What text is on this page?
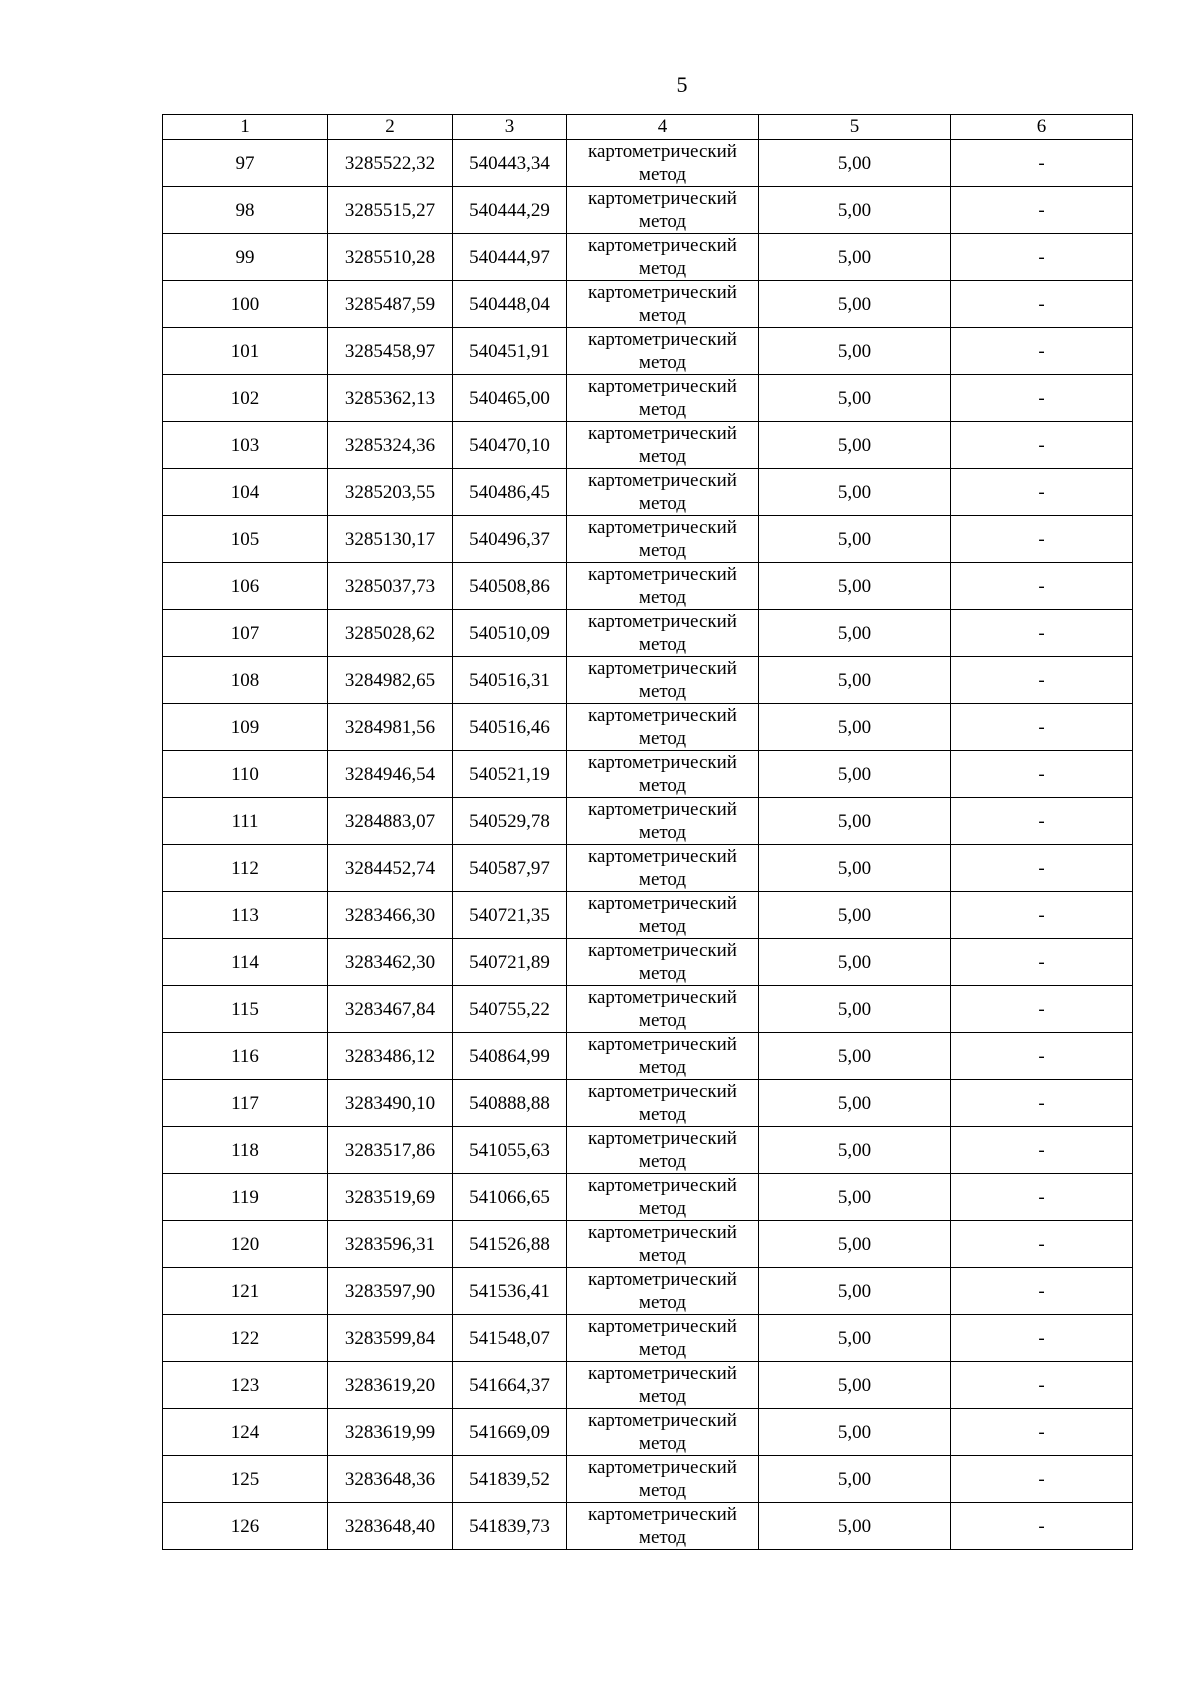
5
1	2	3	4	5	6
97	3285522,32	540443,34	картометрический метод	5,00	-
98	3285515,27	540444,29	картометрический метод	5,00	-
99	3285510,28	540444,97	картометрический метод	5,00	-
100	3285487,59	540448,04	картометрический метод	5,00	-
101	3285458,97	540451,91	картометрический метод	5,00	-
102	3285362,13	540465,00	картометрический метод	5,00	-
103	3285324,36	540470,10	картометрический метод	5,00	-
104	3285203,55	540486,45	картометрический метод	5,00	-
105	3285130,17	540496,37	картометрический метод	5,00	-
106	3285037,73	540508,86	картометрический метод	5,00	-
107	3285028,62	540510,09	картометрический метод	5,00	-
108	3284982,65	540516,31	картометрический метод	5,00	-
109	3284981,56	540516,46	картометрический метод	5,00	-
110	3284946,54	540521,19	картометрический метод	5,00	-
111	3284883,07	540529,78	картометрический метод	5,00	-
112	3284452,74	540587,97	картометрический метод	5,00	-
113	3283466,30	540721,35	картометрический метод	5,00	-
114	3283462,30	540721,89	картометрический метод	5,00	-
115	3283467,84	540755,22	картометрический метод	5,00	-
116	3283486,12	540864,99	картометрический метод	5,00	-
117	3283490,10	540888,88	картометрический метод	5,00	-
118	3283517,86	541055,63	картометрический метод	5,00	-
119	3283519,69	541066,65	картометрический метод	5,00	-
120	3283596,31	541526,88	картометрический метод	5,00	-
121	3283597,90	541536,41	картометрический метод	5,00	-
122	3283599,84	541548,07	картометрический метод	5,00	-
123	3283619,20	541664,37	картометрический метод	5,00	-
124	3283619,99	541669,09	картометрический метод	5,00	-
125	3283648,36	541839,52	картометрический метод	5,00	-
126	3283648,40	541839,73	картометрический метод	5,00	-
